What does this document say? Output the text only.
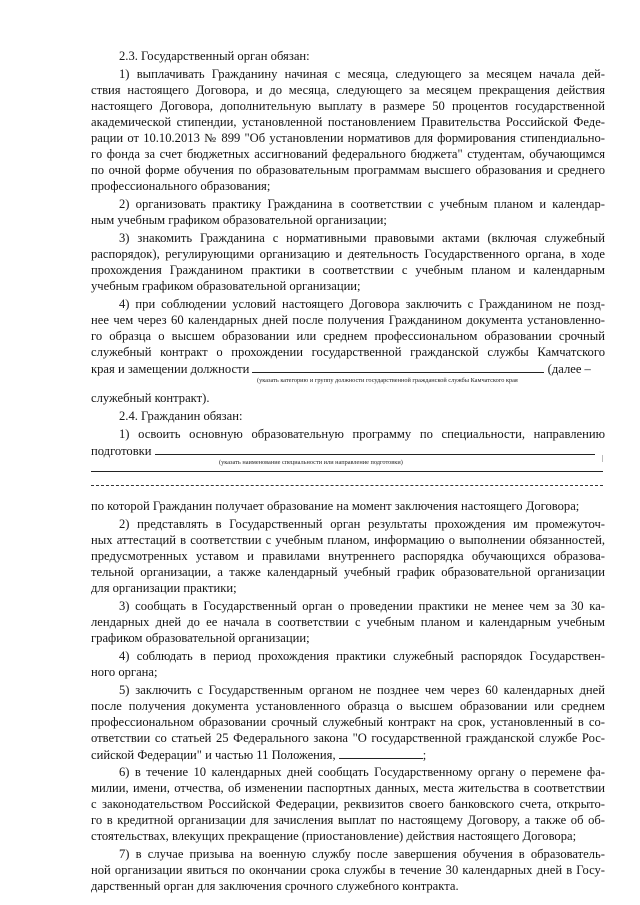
2.3. Государственный орган обязан:
1) выплачивать Гражданину начиная с месяца, следующего за месяцем начала дей-
ствия настоящего Договора, и до месяца, следующего за месяцем прекращения действия
настоящего Договора, дополнительную выплату в размере 50 процентов государственной
академической стипендии, установленной постановлением Правительства Российской Феде-
рации от 10.10.2013 № 899 "Об установлении нормативов для формирования стипендиально-
го фонда за счет бюджетных ассигнований федерального бюджета" студентам, обучающимся
по очной форме обучения по образовательным программам высшего образования и среднего
профессионального образования;
2) организовать практику Гражданина в соответствии с учебным планом и календар-
ным учебным графиком образовательной организации;
3) знакомить Гражданина с нормативными правовыми актами (включая служебный
распорядок), регулирующими организацию и деятельность Государственного органа, в ходе
прохождения Гражданином практики в соответствии с учебным планом и календарным
учебным графиком образовательной организации;
4) при соблюдении условий настоящего Договора заключить с Гражданином не позд-
нее чем через 60 календарных дней после получения Гражданином документа установленно-
го образца о высшем образовании или среднем профессиональном образовании срочный
служебный контракт о прохождении государственной гражданской службы Камчатского
края и замещении должности	(далее –
(указать категорию и группу должности государственной гражданской службы Камчатского края
служебный контракт).
2.4. Гражданин обязан:
1) освоить основную образовательную программу по специальности, направлению
подготовки
(указать наименование специальности или направление подготовки)
по которой Гражданин получает образование на момент заключения настоящего Договора;
2) представлять в Государственный орган результаты прохождения им промежуточ-
ных аттестаций в соответствии с учебным планом, информацию о выполнении обязанностей,
предусмотренных уставом и правилами внутреннего распорядка обучающихся образова-
тельной организации, а также календарный учебный график образовательной организации
для организации практики;
3) сообщать в Государственный орган о проведении практики не менее чем за 30 ка-
лендарных дней до ее начала в соответствии с учебным планом и календарным учебным
графиком образовательной организации;
4) соблюдать в период прохождения практики служебный распорядок Государствен-
ного органа;
5) заключить с Государственным органом не позднее чем через 60 календарных дней
после получения документа установленного образца о высшем образовании или среднем
профессиональном образовании срочный служебный контракт на срок, установленный в со-
ответствии со статьей 25 Федерального закона "О государственной гражданской службе Рос-
сийской Федерации" и частью 11 Положения,	;
6) в течение 10 календарных дней сообщать Государственному органу о перемене фа-
милии, имени, отчества, об изменении паспортных данных, места жительства в соответствии
с законодательством Российской Федерации, реквизитов своего банковского счета, открыто-
го в кредитной организации для зачисления выплат по настоящему Договору, а также об об-
стоятельствах, влекущих прекращение (приостановление) действия настоящего Договора;
7) в случае призыва на военную службу после завершения обучения в образователь-
ной организации явиться по окончании срока службы в течение 30 календарных дней в Госу-
дарственный орган для заключения срочного служебного контракта.
